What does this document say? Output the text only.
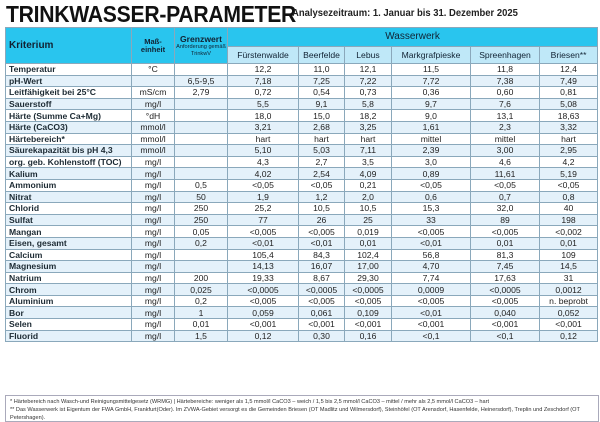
TRINKWASSER-PARAMETER
Analysezeitraum: 1. Januar bis 31. Dezember 2025
Kriterium	Maß-einheit	Grenzwert
Anforderung gemäß TrinkwV	Wasserwerk					
			Fürstenwalde	Beerfelde	Lebus	Markgrafpieske	Spreenhagen	Briesen**
Temperatur	°C		12,2	11,0	12,1	11,5	11,8	12,4
pH-Wert		6,5-9,5	7,18	7,25	7,22	7,72	7,38	7,49
Leitfähigkeit bei 25°C	mS/cm	2,79	0,72	0,54	0,73	0,36	0,60	0,81
Sauerstoff	mg/l		5,5	9,1	5,8	9,7	7,6	5,08
Härte (Summe Ca+Mg)	°dH		18,0	15,0	18,2	9,0	13,1	18,63
Härte (CaCO3)	mmol/l		3,21	2,68	3,25	1,61	2,3	3,32
Härtebereich*	mmol/l		hart	hart	hart	mittel	mittel	hart
Säurekapazität bis pH 4,3	mmol/l		5,10	5,03	7,11	2,39	3,00	2,95
org. geb. Kohlenstoff (TOC)	mg/l		4,3	2,7	3,5	3,0	4,6	4,2
Kalium	mg/l		4,02	2,54	4,09	0,89	11,61	5,19
Ammonium	mg/l	0,5	<0,05	<0,05	0,21	<0,05	<0,05	<0,05
Nitrat	mg/l	50	1,9	1,2	2,0	0,6	0,7	0,8
Chlorid	mg/l	250	25,2	10,5	10,5	15,3	32,0	40
Sulfat	mg/l	250	77	26	25	33	89	198
Mangan	mg/l	0,05	<0,005	<0,005	0,019	<0,005	<0,005	<0,002
Eisen, gesamt	mg/l	0,2	<0,01	<0,01	0,01	<0,01	0,01	0,01
Calcium	mg/l		105,4	84,3	102,4	56,8	81,3	109
Magnesium	mg/l		14,13	16,07	17,00	4,70	7,45	14,5
Natrium	mg/l	200	19,33	8,67	29,30	7,74	17,63	31
Chrom	mg/l	0,025	<0,0005	<0,0005	<0,0005	0,0009	<0,0005	0,0012
Aluminium	mg/l	0,2	<0,005	<0,005	<0,005	<0,005	<0,005	n. beprobt
Bor	mg/l	1	0,059	0,061	0,109	<0,01	0,040	0,052
Selen	mg/l	0,01	<0,001	<0,001	<0,001	<0,001	<0,001	<0,001
Fluorid	mg/l	1,5	0,12	0,30	0,16	<0,1	<0,1	0,12
* Härtebereich nach Wasch-und Reinigungsmittelgesetz (WRMG) | Härtebereiche: weniger als 1,5 mmol/l CaCO3 – weich / 1,5 bis 2,5 mmol/l CaCO3 – mittel / mehr als 2,5 mmol/l CaCO3 – hart
** Das Wasserwerk ist Eigentum der FWA GmbH, Frankfurt(Oder). Im ZVWA-Gebiet versorgt es die Gemeinden Briesen (OT Madlitz und Wilmersdorf), Steinhöfel (OT Arensdorf, Hasenfelde, Heinersdorf), Treplin und Zeschdorf (OT Petershagen).
